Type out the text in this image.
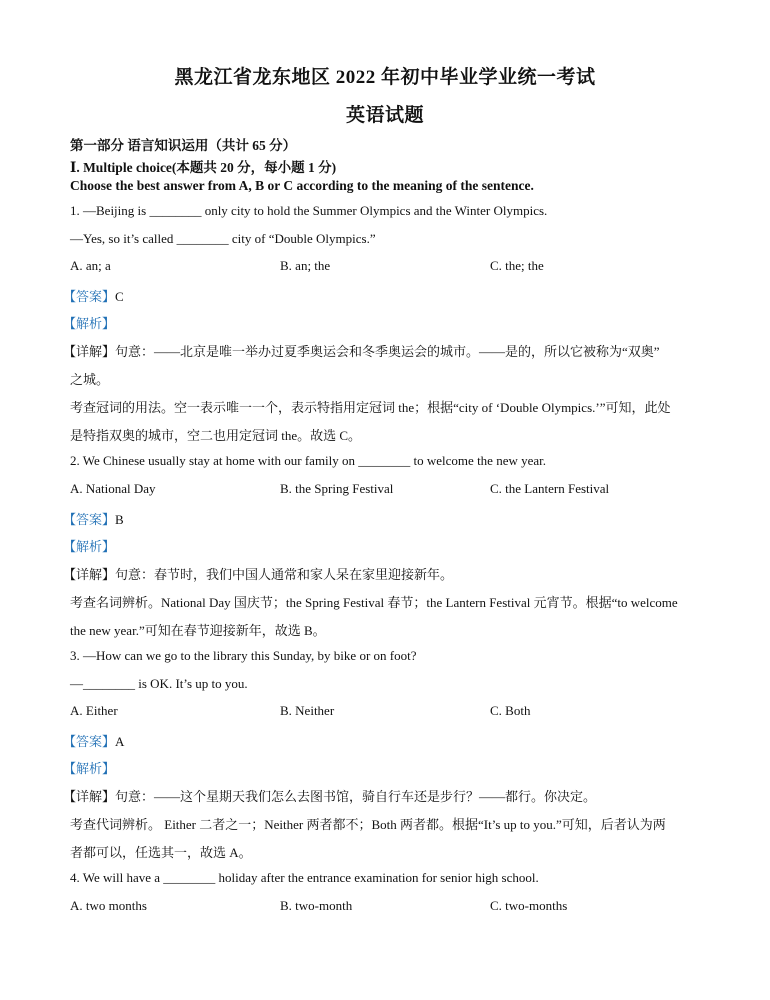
黑龙江省龙东地区 2022 年初中毕业学业统一考试
英语试题
第一部分 语言知识运用（共计 65 分）
Ⅰ. Multiple choice(本题共 20 分，每小题 1 分)
Choose the best answer from A, B or C according to the meaning of the sentence.
1. —Beijing is ________ only city to hold the Summer Olympics and the Winter Olympics.
—Yes, so it’s called ________ city of “Double Olympics.”
A. an; a	B. an; the	C. the; the
【答案】C
【解析】
【详解】句意：——北京是唯一举办过夏季奥运会和冬季奥运会的城市。——是的，所以它被称为“双奥”
之城。
考查冠词的用法。空一表示唯一一个，表示特指用定冠词 the；根据“city of ‘Double Olympics.’”可知，此处
是特指双奥的城市，空二也用定冠词 the。故选 C。
2. We Chinese usually stay at home with our family on ________ to welcome the new year.
A. National Day	B. the Spring Festival	C. the Lantern Festival
【答案】B
【解析】
【详解】句意：春节时，我们中国人通常和家人呆在家里迎接新年。
考查名词辨析。National Day 国庆节；the Spring Festival 春节；the Lantern Festival 元宵节。根据“to welcome
the new year.”可知在春节迎接新年，故选 B。
3. —How can we go to the library this Sunday, by bike or on foot?
—________ is OK. It’s up to you.
A. Either	B. Neither	C. Both
【答案】A
【解析】
【详解】句意：——这个星期天我们怎么去图书馆，骑自行车还是步行？——都行。你决定。
考查代词辨析。 Either 二者之一；Neither 两者都不；Both 两者都。根据“It’s up to you.”可知，后者认为两
者都可以，任选其一，故选 A。
4. We will have a ________ holiday after the entrance examination for senior high school.
A. two months	B. two-month	C. two-months
